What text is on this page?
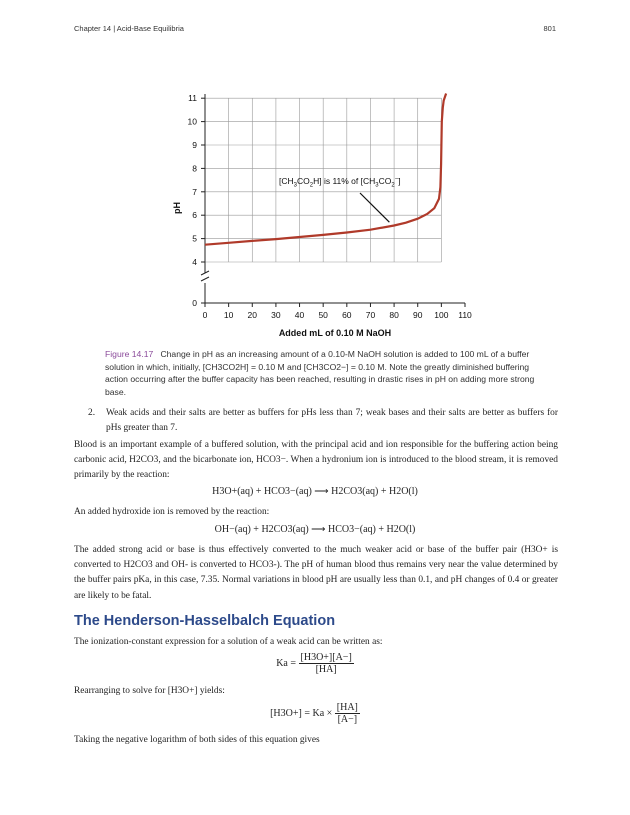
Chapter 14 | Acid-Base Equilibria	801
0 10 20 30 40 50 60 70 80 90 100 110
0
4
5
6
7
8
9
10
11
$[CH_3CO_2H]$ is 11% of $[CH_3CO_2^-]$
Added mL of 0.10 M NaOH
pH
Figure 14.17 Change in pH as an increasing amount of a 0.10-M NaOH solution is added to 100 mL of a buffer solution in which, initially, [CH3CO2H] = 0.10 M and [CH3CO2−] = 0.10 M. Note the greatly diminished buffering action occurring after the buffer capacity has been reached, resulting in drastic rises in pH on adding more strong base.
2. Weak acids and their salts are better as buffers for pHs less than 7; weak bases and their salts are better as buffers for pHs greater than 7.
Blood is an important example of a buffered solution, with the principal acid and ion responsible for the buffering action being carbonic acid, H2CO3, and the bicarbonate ion, HCO3−. When a hydronium ion is introduced to the blood stream, it is removed primarily by the reaction:
H3O+(aq) + HCO3−(aq) ⟶ H2CO3(aq) + H2O(l)
An added hydroxide ion is removed by the reaction:
OH−(aq) + H2CO3(aq) ⟶ HCO3−(aq) + H2O(l)
The added strong acid or base is thus effectively converted to the much weaker acid or base of the buffer pair (H3O+ is converted to H2CO3 and OH- is converted to HCO3-). The pH of human blood thus remains very near the value determined by the buffer pairs pKa, in this case, 7.35. Normal variations in blood pH are usually less than 0.1, and pH changes of 0.4 or greater are likely to be fatal.
The Henderson-Hasselbalch Equation
The ionization-constant expression for a solution of a weak acid can be written as:
$Ka = \frac{[H3O+][A-]}{[HA]}$
Rearranging to solve for [H3O+] yields:
$[H3O+] = Ka \times \frac{[HA]}{[A-]}$
Taking the negative logarithm of both sides of this equation gives
